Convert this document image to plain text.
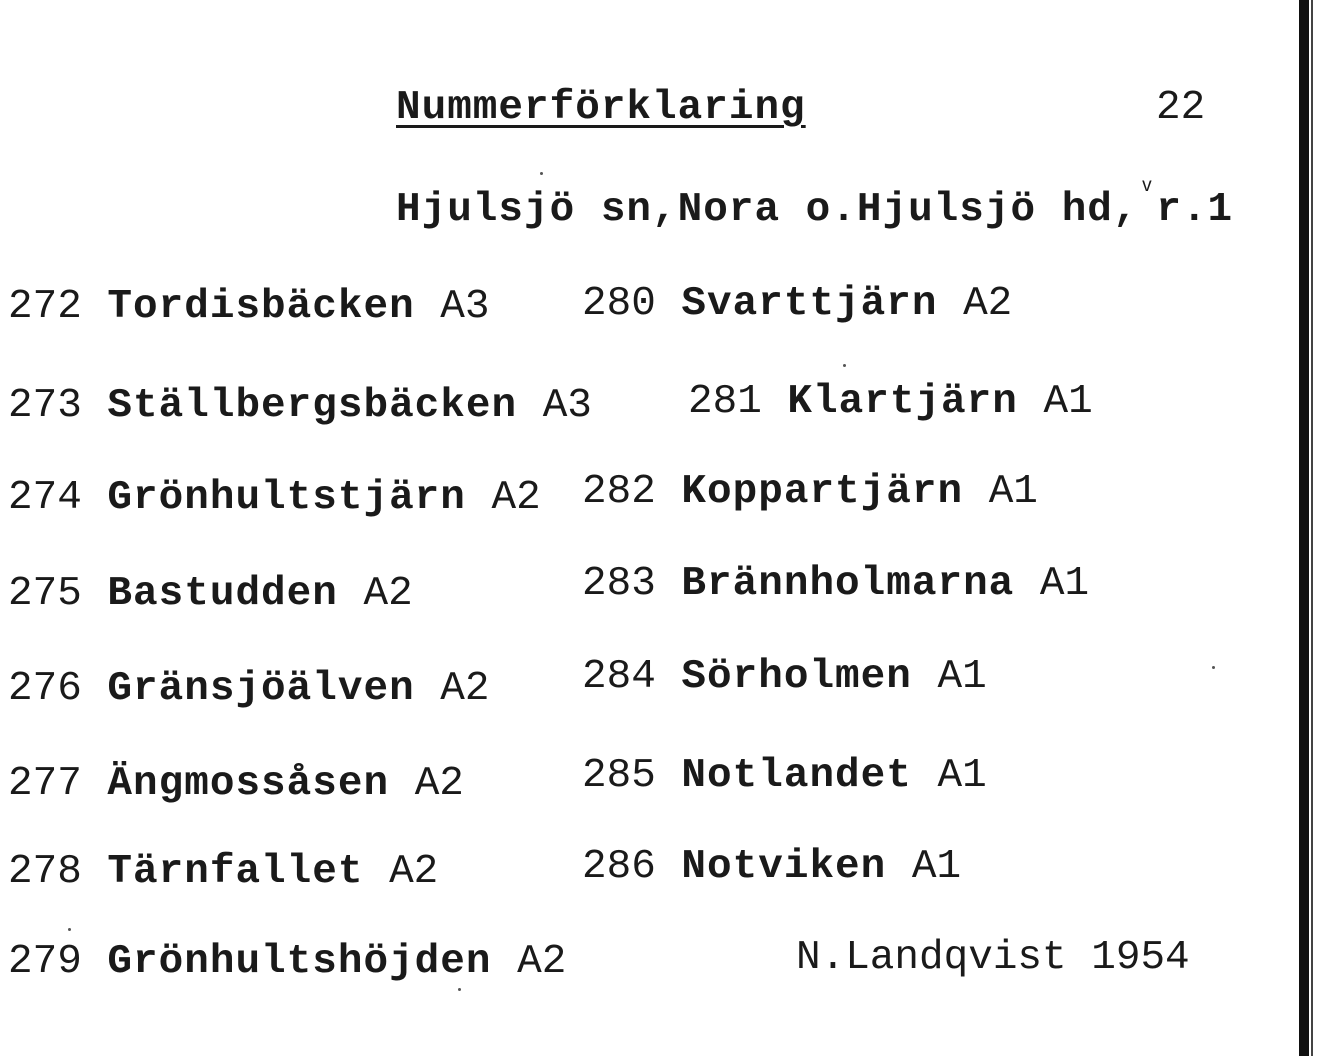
Nummerförklaring	22
Hjulsjö sn,Nora o.Hjulsjö hd,$^ᵛ$r.1
272 Tordisbäcken A3
273 Ställbergsbäcken A3
274 Grönhultstjärn A2
275 Bastudden A2
276 Gränsjöälven A2
277 Ängmossåsen A2
278 Tärnfallet A2
279 Grönhultshöjden A2
280 Svarttjärn A2
281 Klartjärn A1
282 Koppartjärn A1
283 Brännholmarna A1
284 Sörholmen A1
285 Notlandet A1
286 Notviken A1
N.Landqvist 1954
